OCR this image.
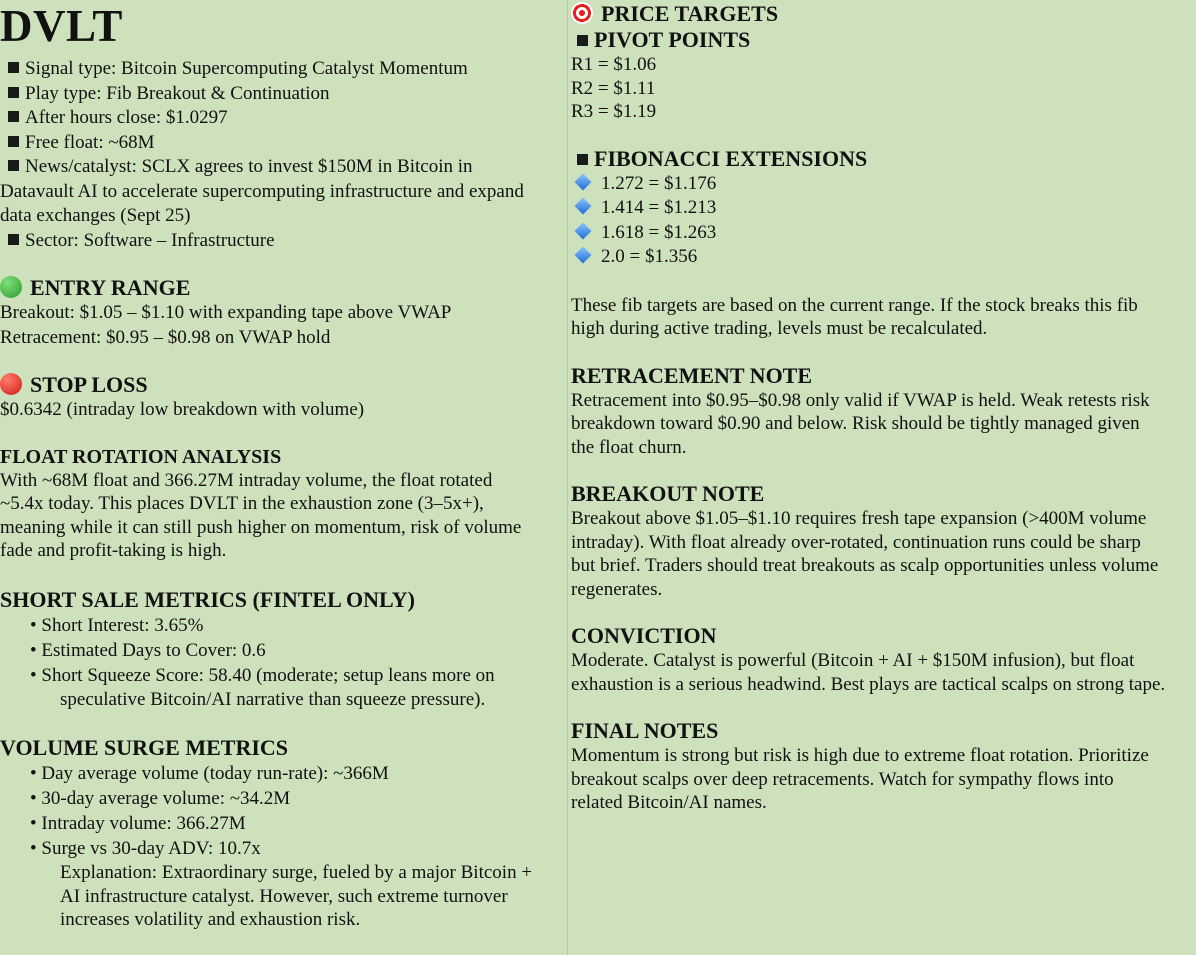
DVLT

Signal type: Bitcoin Supercomputing Catalyst Momentum

Play type: Fib Breakout & Continuation

After hours close: $1.0297

Free float: ~68M

News/catalyst: SCLX agrees to invest $150M in Bitcoin in

Datavault AI to accelerate supercomputing infrastructure and expand

data exchanges (Sept 25)

Sector: Software – Infrastructure

ENTRY RANGE

Breakout: $1.05 – $1.10 with expanding tape above VWAP

Retracement: $0.95 – $0.98 on VWAP hold

STOP LOSS

$0.6342 (intraday low breakdown with volume)

FLOAT ROTATION ANALYSIS

With ~68M float and 366.27M intraday volume, the float rotated

~5.4x today. This places DVLT in the exhaustion zone (3–5x+),

meaning while it can still push higher on momentum, risk of volume

fade and profit-taking is high.

SHORT SALE METRICS (FINTEL ONLY)
• Short Interest: 3.65%
• Estimated Days to Cover: 0.6
• Short Squeeze Score: 58.40 (moderate; setup leans more on
speculative Bitcoin/AI narrative than squeeze pressure).
VOLUME SURGE METRICS
• Day average volume (today run-rate): ~366M
• 30-day average volume: ~34.2M
• Intraday volume: 366.27M
• Surge vs 30-day ADV: 10.7x
Explanation: Extraordinary surge, fueled by a major Bitcoin +
AI infrastructure catalyst. However, such extreme turnover
increases volatility and exhaustion risk.
PRICE TARGETS
PIVOT POINTS

R1 = $1.06

R2 = $1.11

R3 = $1.19

FIBONACCI EXTENSIONS

1.272 = $1.176

1.414 = $1.213

1.618 = $1.263

2.0 = $1.356

These fib targets are based on the current range. If the stock breaks this fib

high during active trading, levels must be recalculated.

RETRACEMENT NOTE

Retracement into $0.95–$0.98 only valid if VWAP is held. Weak retests risk

breakdown toward $0.90 and below. Risk should be tightly managed given

the float churn.

BREAKOUT NOTE

Breakout above $1.05–$1.10 requires fresh tape expansion (>400M volume

intraday). With float already over-rotated, continuation runs could be sharp

but brief. Traders should treat breakouts as scalp opportunities unless volume

regenerates.

CONVICTION

Moderate. Catalyst is powerful (Bitcoin + AI + $150M infusion), but float

exhaustion is a serious headwind. Best plays are tactical scalps on strong tape.

FINAL NOTES

Momentum is strong but risk is high due to extreme float rotation. Prioritize

breakout scalps over deep retracements. Watch for sympathy flows into

related Bitcoin/AI names.
